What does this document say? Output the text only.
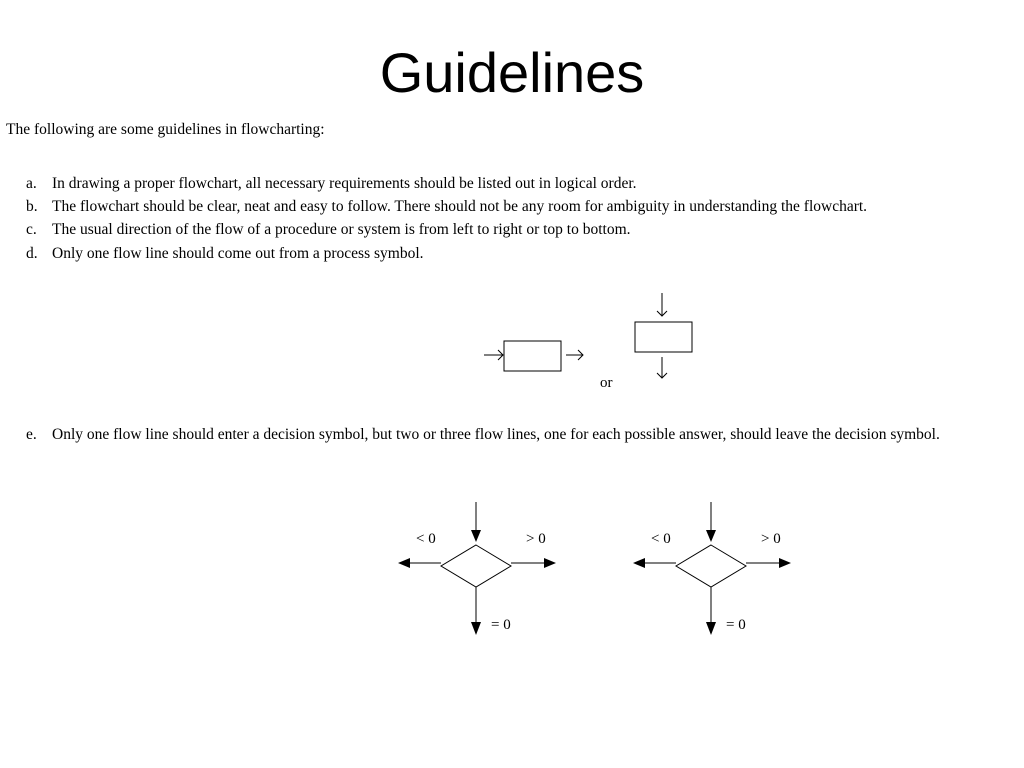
Guidelines
The following are some guidelines in flowcharting:
a. In drawing a proper flowchart, all necessary requirements should be listed out in logical order.
b. The flowchart should be clear, neat and easy to follow. There should not be any room for ambiguity in understanding the flowchart.
c. The usual direction of the flow of a procedure or system is from left to right or top to bottom.
d. Only one flow line should come out from a process symbol.
or
e. Only one flow line should enter a decision symbol, but two or three flow lines, one for each possible answer, should leave the decision symbol.
< 0	> 0
= 0
< 0	> 0
= 0
